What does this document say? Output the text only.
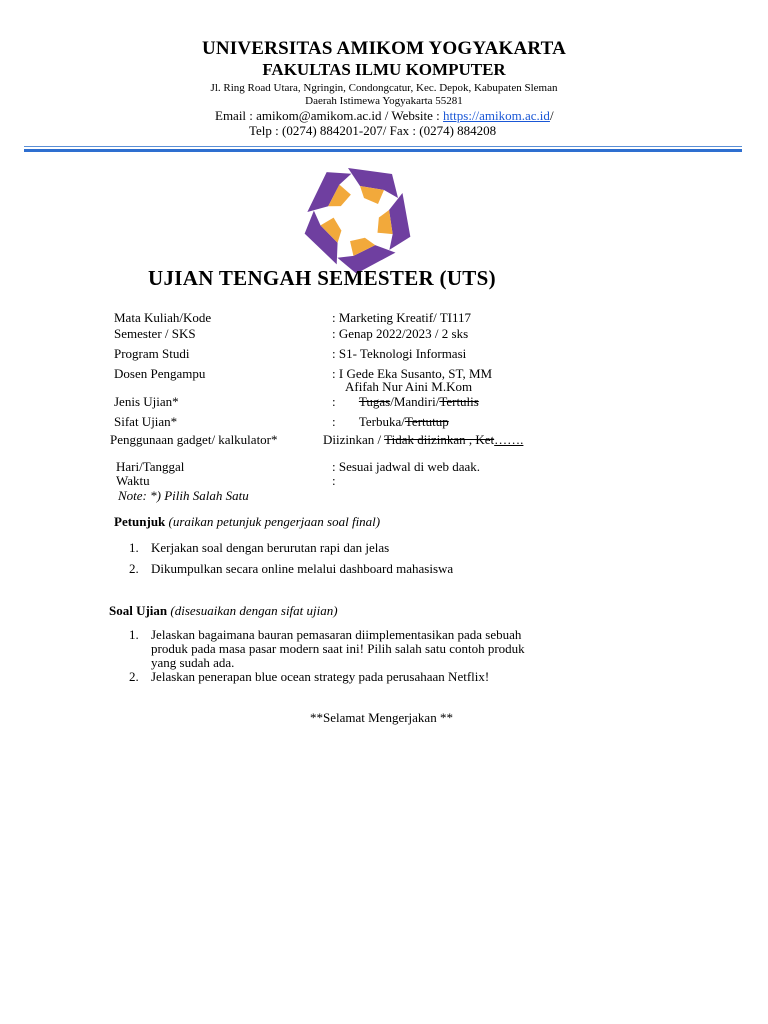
UNIVERSITAS AMIKOM YOGYAKARTA
FAKULTAS ILMU KOMPUTER
Jl. Ring Road Utara, Ngringin, Condongcatur, Kec. Depok, Kabupaten Sleman
Daerah Istimewa Yogyakarta 55281
Email : amikom@amikom.ac.id / Website : https://amikom.ac.id/
Telp : (0274) 884201-207/ Fax : (0274) 884208
UJIAN TENGAH SEMESTER (UTS)
Mata Kuliah/Kode	: Marketing Kreatif/ TI117
Semester / SKS	: Genap 2022/2023 / 2 sks
Program Studi	: S1- Teknologi Informasi
Dosen Pengampu	: I Gede Eka Susanto, ST, MM
Afifah Nur Aini M.Kom
Jenis Ujian*	: Tugas/Mandiri/Tertulis
Sifat Ujian*	: Terbuka/Tertutup
Penggunaan gadget/ kalkulator*	Diizinkan / Tidak diizinkan , Ket…….
Hari/Tanggal	: Sesuai jadwal di web daak.
Waktu	:
Note: *) Pilih Salah Satu
Petunjuk (uraikan petunjuk pengerjaan soal final)
1. Kerjakan soal dengan berurutan rapi dan jelas
2. Dikumpulkan secara online melalui dashboard mahasiswa
Soal Ujian (disesuaikan dengan sifat ujian)
1. Jelaskan bagaimana bauran pemasaran diimplementasikan pada sebuah
produk pada masa pasar modern saat ini! Pilih salah satu contoh produk
yang sudah ada.
2. Jelaskan penerapan blue ocean strategy pada perusahaan Netflix!
**Selamat Mengerjakan **
